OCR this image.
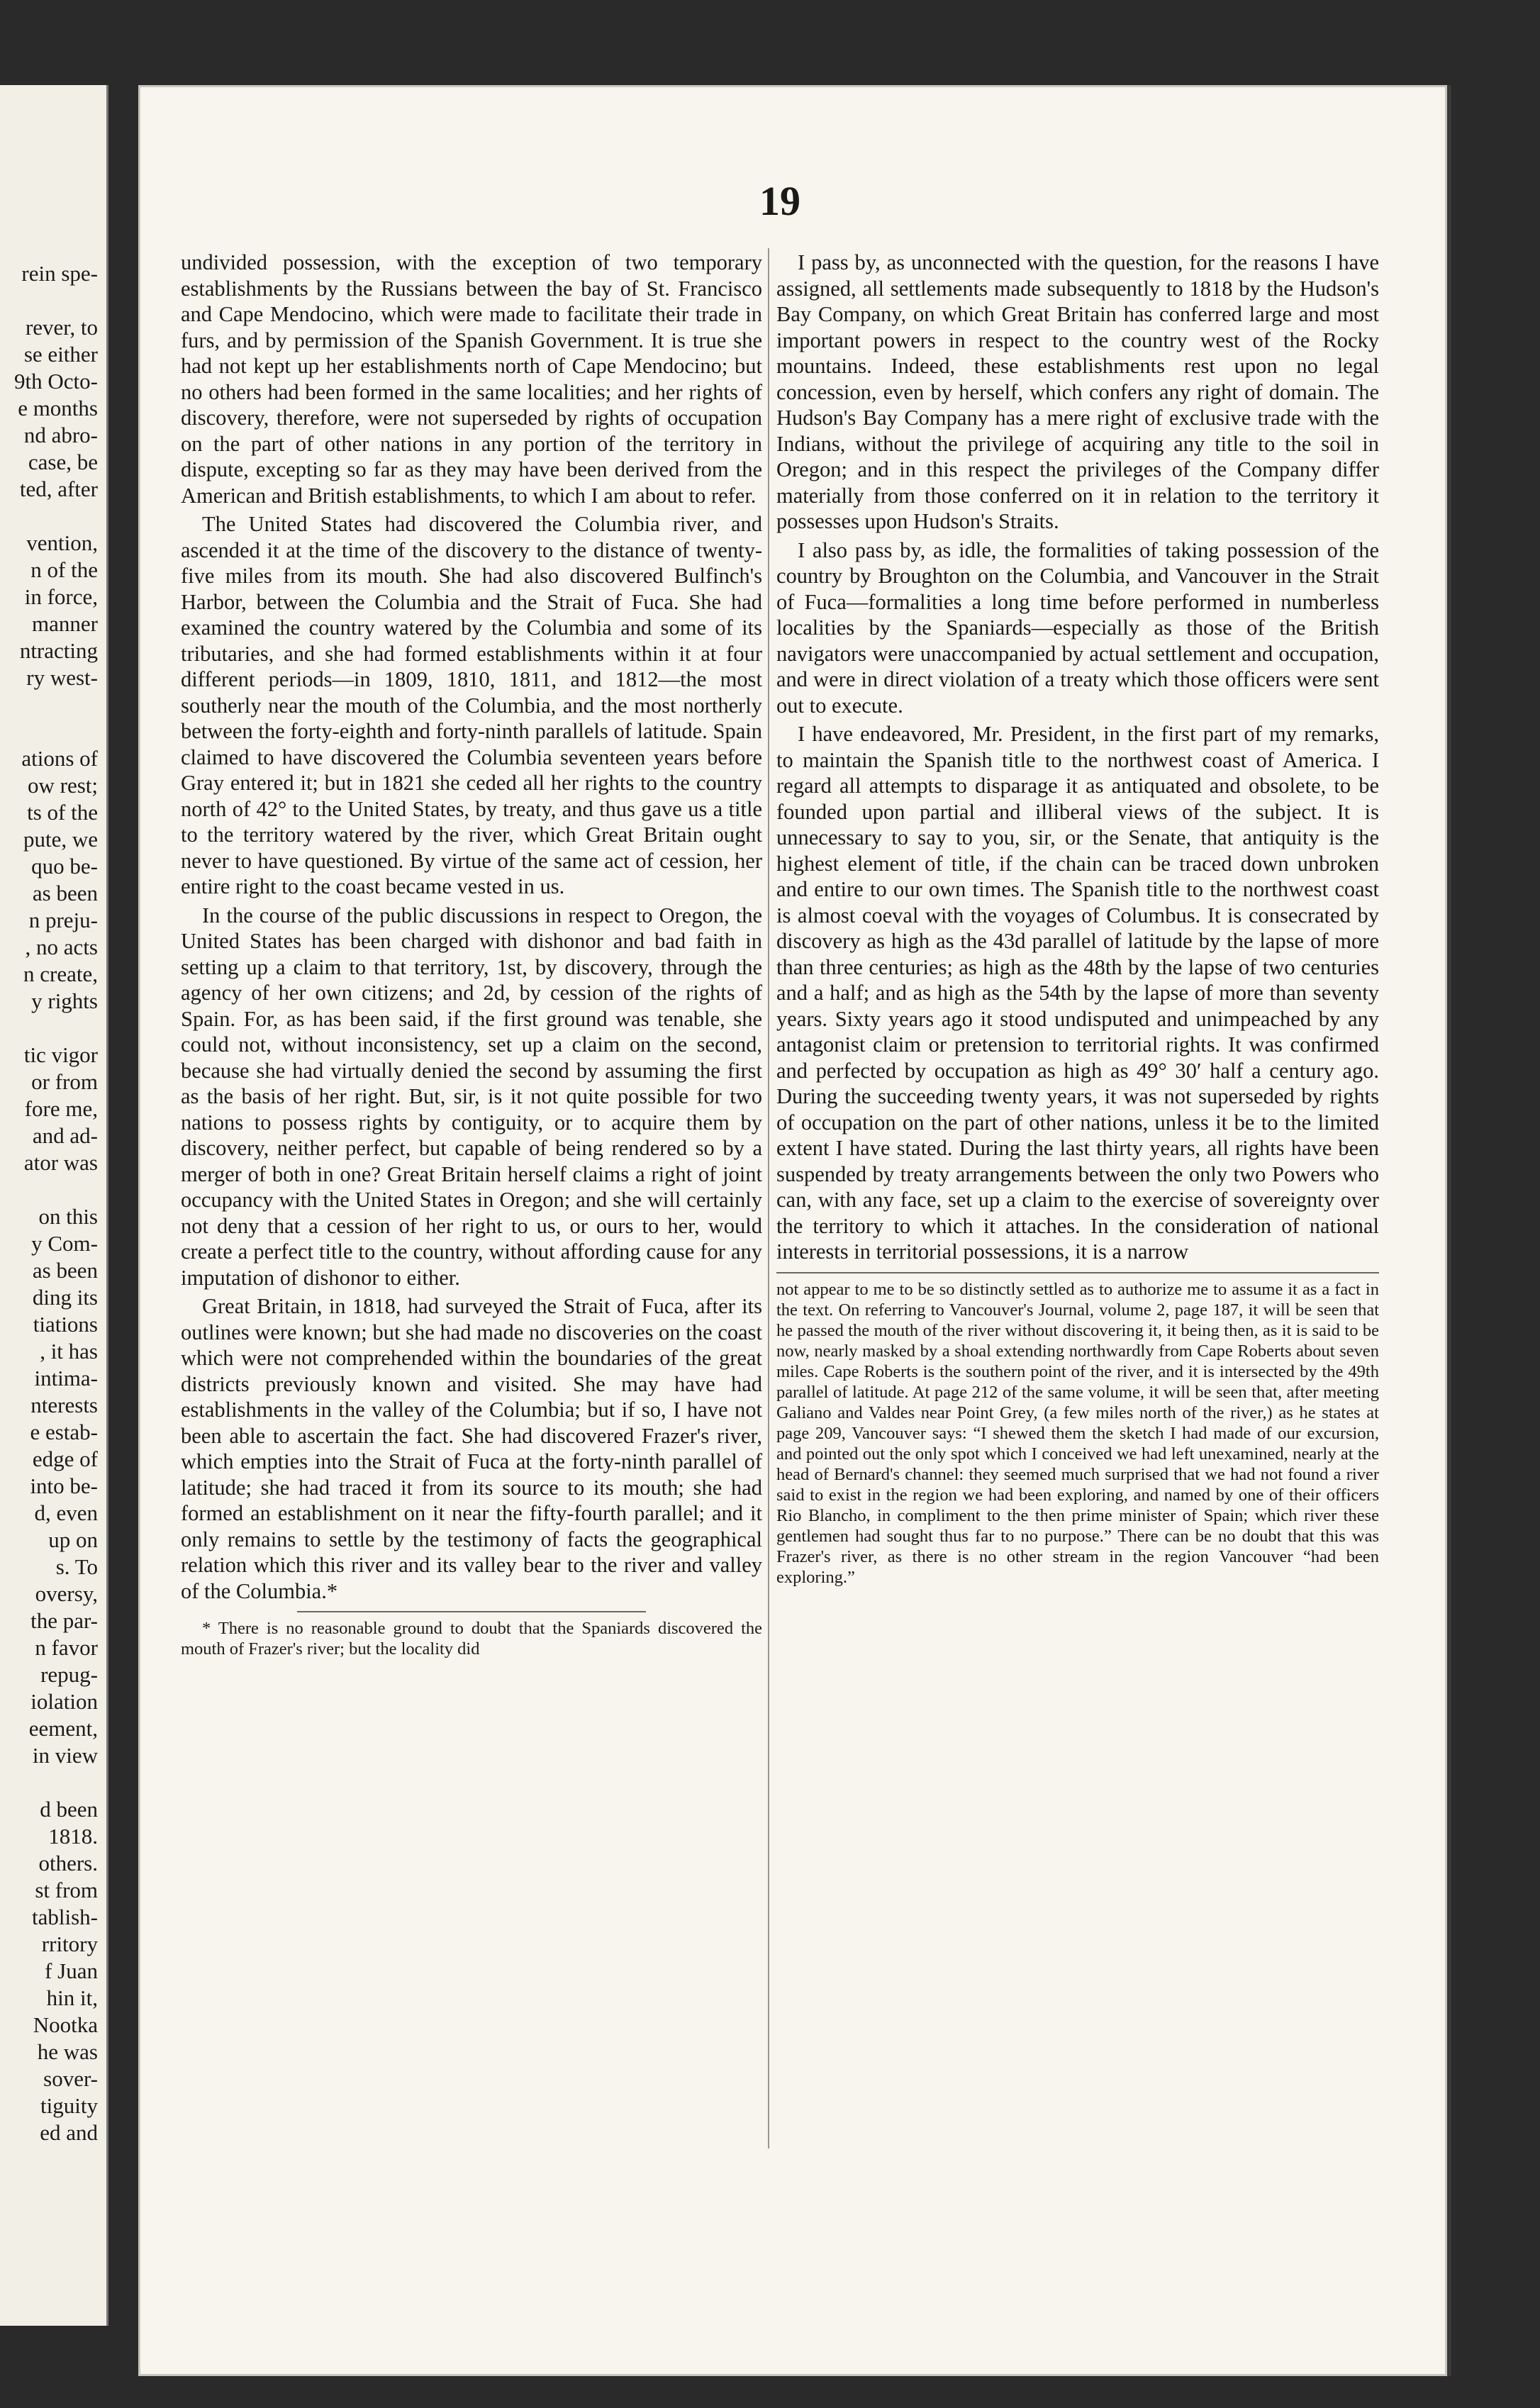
rein spe-
rever, to
se either
9th Octo-
e months
nd abro-
case, be
ted, after
vention,
n of the
in force,
manner
ntracting
ry west-
ations of
ow rest;
ts of the
pute, we
quo be-
as been
n preju-
, no acts
n create,
y rights
tic vigor
or from
fore me,
and ad-
ator was
on this
y Com-
as been
ding its
tiations
, it has
intima-
nterests
e estab-
edge of
into be-
d, even
up on
s. To
oversy,
the par-
n favor
repug-
iolation
eement,
in view
d been
1818.
others.
st from
tablish-
rritory
f Juan
hin it,
Nootka
he was
sover-
tiguity
ed and
19

undivided possession, with the exception of two temporary establishments by the Russians between the bay of St. Francisco and Cape Mendocino, which were made to facilitate their trade in furs, and by permission of the Spanish Government. It is true she had not kept up her establishments north of Cape Mendocino; but no others had been formed in the same localities; and her rights of discovery, therefore, were not superseded by rights of occupation on the part of other nations in any portion of the territory in dispute, excepting so far as they may have been derived from the American and British establishments, to which I am about to refer.

The United States had discovered the Columbia river, and ascended it at the time of the discovery to the distance of twenty-five miles from its mouth. She had also discovered Bulfinch's Harbor, between the Columbia and the Strait of Fuca. She had examined the country watered by the Columbia and some of its tributaries, and she had formed establishments within it at four different periods—in 1809, 1810, 1811, and 1812—the most southerly near the mouth of the Columbia, and the most northerly between the forty-eighth and forty-ninth parallels of latitude. Spain claimed to have discovered the Columbia seventeen years before Gray entered it; but in 1821 she ceded all her rights to the country north of 42° to the United States, by treaty, and thus gave us a title to the territory watered by the river, which Great Britain ought never to have questioned. By virtue of the same act of cession, her entire right to the coast became vested in us.

In the course of the public discussions in respect to Oregon, the United States has been charged with dishonor and bad faith in setting up a claim to that territory, 1st, by discovery, through the agency of her own citizens; and 2d, by cession of the rights of Spain. For, as has been said, if the first ground was tenable, she could not, without inconsistency, set up a claim on the second, because she had virtually denied the second by assuming the first as the basis of her right. But, sir, is it not quite possible for two nations to possess rights by contiguity, or to acquire them by discovery, neither perfect, but capable of being rendered so by a merger of both in one? Great Britain herself claims a right of joint occupancy with the United States in Oregon; and she will certainly not deny that a cession of her right to us, or ours to her, would create a perfect title to the country, without affording cause for any imputation of dishonor to either.

Great Britain, in 1818, had surveyed the Strait of Fuca, after its outlines were known; but she had made no discoveries on the coast which were not comprehended within the boundaries of the great districts previously known and visited. She may have had establishments in the valley of the Columbia; but if so, I have not been able to ascertain the fact. She had discovered Frazer's river, which empties into the Strait of Fuca at the forty-ninth parallel of latitude; she had traced it from its source to its mouth; she had formed an establishment on it near the fifty-fourth parallel; and it only remains to settle by the testimony of facts the geographical relation which this river and its valley bear to the river and valley of the Columbia.*

* There is no reasonable ground to doubt that the Spaniards discovered the mouth of Frazer's river; but the locality did

I pass by, as unconnected with the question, for the reasons I have assigned, all settlements made subsequently to 1818 by the Hudson's Bay Company, on which Great Britain has conferred large and most important powers in respect to the country west of the Rocky mountains. Indeed, these establishments rest upon no legal concession, even by herself, which confers any right of domain. The Hudson's Bay Company has a mere right of exclusive trade with the Indians, without the privilege of acquiring any title to the soil in Oregon; and in this respect the privileges of the Company differ materially from those conferred on it in relation to the territory it possesses upon Hudson's Straits.

I also pass by, as idle, the formalities of taking possession of the country by Broughton on the Columbia, and Vancouver in the Strait of Fuca—formalities a long time before performed in numberless localities by the Spaniards—especially as those of the British navigators were unaccompanied by actual settlement and occupation, and were in direct violation of a treaty which those officers were sent out to execute.

I have endeavored, Mr. President, in the first part of my remarks, to maintain the Spanish title to the northwest coast of America. I regard all attempts to disparage it as antiquated and obsolete, to be founded upon partial and illiberal views of the subject. It is unnecessary to say to you, sir, or the Senate, that antiquity is the highest element of title, if the chain can be traced down unbroken and entire to our own times. The Spanish title to the northwest coast is almost coeval with the voyages of Columbus. It is consecrated by discovery as high as the 43d parallel of latitude by the lapse of more than three centuries; as high as the 48th by the lapse of two centuries and a half; and as high as the 54th by the lapse of more than seventy years. Sixty years ago it stood undisputed and unimpeached by any antagonist claim or pretension to territorial rights. It was confirmed and perfected by occupation as high as 49° 30′ half a century ago. During the succeeding twenty years, it was not superseded by rights of occupation on the part of other nations, unless it be to the limited extent I have stated. During the last thirty years, all rights have been suspended by treaty arrangements between the only two Powers who can, with any face, set up a claim to the exercise of sovereignty over the territory to which it attaches. In the consideration of national interests in territorial possessions, it is a narrow

not appear to me to be so distinctly settled as to authorize me to assume it as a fact in the text. On referring to Vancouver's Journal, volume 2, page 187, it will be seen that he passed the mouth of the river without discovering it, it being then, as it is said to be now, nearly masked by a shoal extending northwardly from Cape Roberts about seven miles. Cape Roberts is the southern point of the river, and it is intersected by the 49th parallel of latitude. At page 212 of the same volume, it will be seen that, after meeting Galiano and Valdes near Point Grey, (a few miles north of the river,) as he states at page 209, Vancouver says: “I shewed them the sketch I had made of our excursion, and pointed out the only spot which I conceived we had left unexamined, nearly at the head of Bernard's channel: they seemed much surprised that we had not found a river said to exist in the region we had been exploring, and named by one of their officers Rio Blancho, in compliment to the then prime minister of Spain; which river these gentlemen had sought thus far to no purpose.” There can be no doubt that this was Frazer's river, as there is no other stream in the region Vancouver “had been exploring.”
